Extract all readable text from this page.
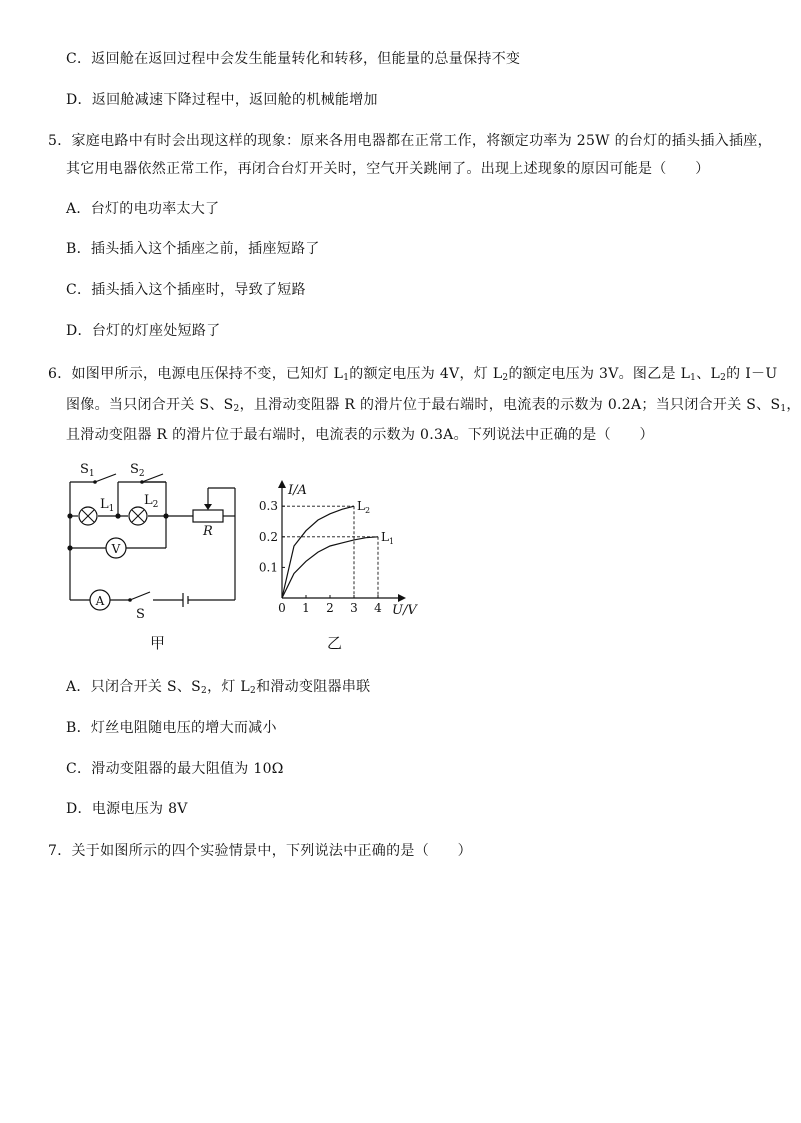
C．返回舱在返回过程中会发生能量转化和转移，但能量的总量保持不变
D．返回舱减速下降过程中，返回舱的机械能增加
5．家庭电路中有时会出现这样的现象：原来各用电器都在正常工作，将额定功率为 25W 的台灯的插头插入插座，
其它用电器依然正常工作，再闭合台灯开关时，空气开关跳闸了。出现上述现象的原因可能是（　　）
A．台灯的电功率太大了
B．插头插入这个插座之前，插座短路了
C．插头插入这个插座时，导致了短路
D．台灯的灯座处短路了
6．如图甲所示，电源电压保持不变，已知灯 $L_1$的额定电压为 4V，灯 $L_2$的额定电压为 3V。图乙是 $L_1$、$L_2$的 I－U
图像。当只闭合开关 S、$S_2$，且滑动变阻器 R 的滑片位于最右端时，电流表的示数为 0.2A；当只闭合开关 S、$S_1$，
且滑动变阻器 R 的滑片位于最右端时，电流表的示数为 0.3A。下列说法中正确的是（　　）
V
A
$S_1$	$S_2$
$L_1$
$L_2$
R
S
甲
0 1 2 3 4
0.1
0.2
0.3	$L_2$
$L_1$
I/A
U/V
乙
A．只闭合开关 S、$S_2$，灯 $L_2$和滑动变阻器串联
B．灯丝电阻随电压的增大而减小
C．滑动变阻器的最大阻值为 10Ω
D．电源电压为 8V
7．关于如图所示的四个实验情景中，下列说法中正确的是（　　）
